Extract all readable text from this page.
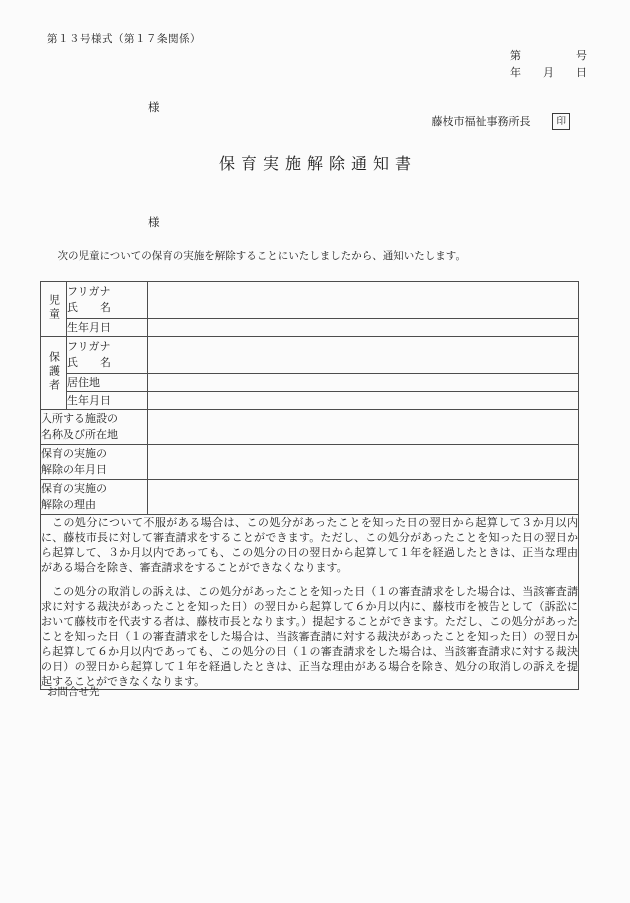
第１３号様式（第１７条関係）
第　　　　　号
年　　月　　日
様
藤枝市福祉事務所長	印
保育実施解除通知書
様
次の児童についての保育の実施を解除することにいたしましたから、通知いたします。
児童	フリガナ
氏　　名	

	生年月日	
保護者	フリガナ
氏　　名	

	居住地	
	生年月日	

入所する施設の
名称及び所在地		

保育の実施の
解除の年月日		

保育の実施の
解除の理由		

この処分について不服がある場合は、この処分があったことを知った日の翌日から起算して３か月以内に、藤枝市長に対して審査請求をすることができます。ただし、この処分があったことを知った日の翌日から起算して、３か月以内であっても、この処分の日の翌日から起算して１年を経過したときは、正当な理由がある場合を除き、審査請求をすることができなくなります。

この処分の取消しの訴えは、この処分があったことを知った日（１の審査請求をした場合は、当該審査請求に対する裁決があったことを知った日）の翌日から起算して６か月以内に、藤枝市を被告として（訴訟において藤枝市を代表する者は、藤枝市長となります。）提起することができます。ただし、この処分があったことを知った日（１の審査請求をした場合は、当該審査請に対する裁決があったことを知った日）の翌日から起算して６か月以内であっても、この処分の日（１の審査請求をした場合は、当該審査請求に対する裁決の日）の翌日から起算して１年を経過したときは、正当な理由がある場合を除き、処分の取消しの訴えを提起することができなくなります。		

お問合せ先
